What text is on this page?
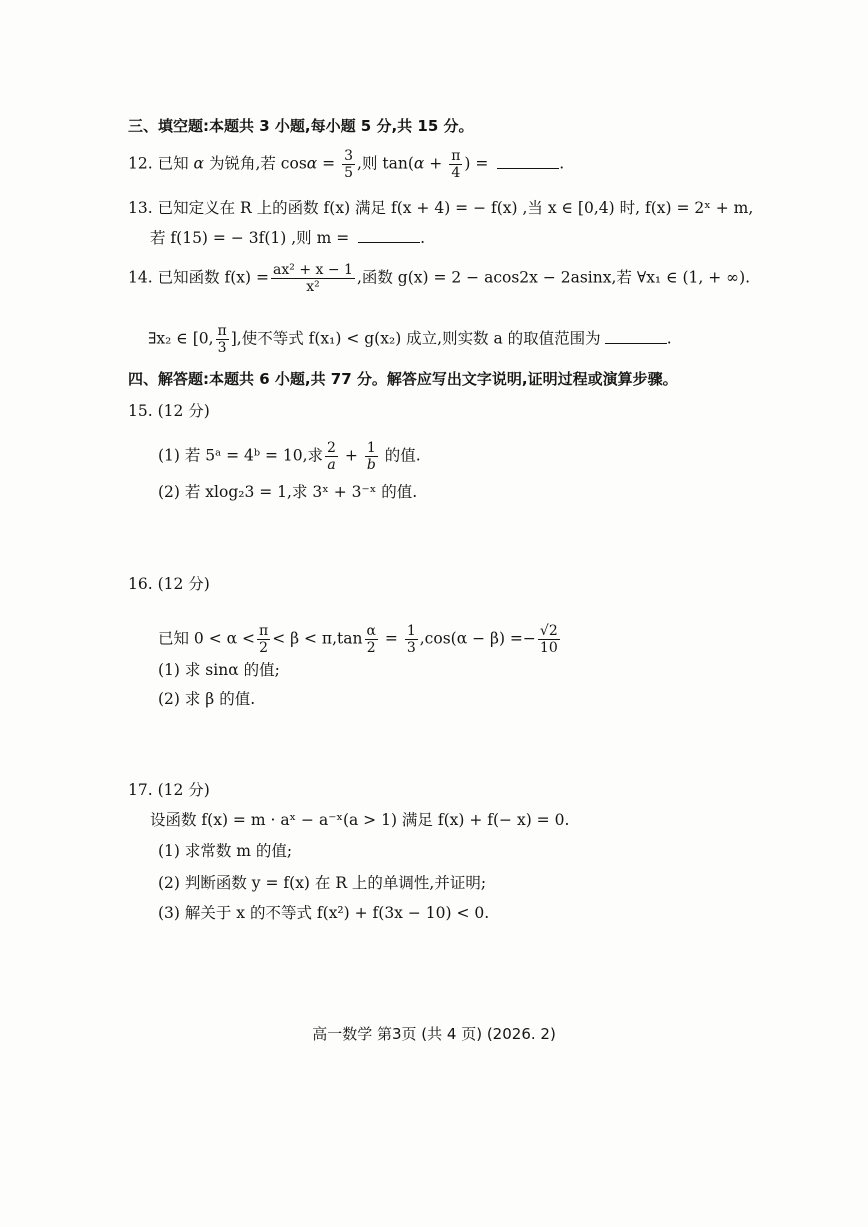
三、填空题:本题共 3 小题,每小题 5 分,共 15 分。
12. 已知 α 为锐角,若 $\cos\alpha = \frac{3}{5}$ ,则 $\tan(\alpha + \frac{\pi}{4}$ ) =	.
13. 已知定义在 R 上的函数 f(x) 满足 f(x + 4) = − f(x) ,当 x ∈ [0,4) 时, f(x) = 2ˣ + m,
若 f(15) = − 3f(1) ,则 m =	.
14. 已知函数 $f(x) = \frac{\text{ax² + x − 1}}{\text{x²}}$ ,函数 g(x) = 2 − acos2x − 2asinx,若 ∀x₁ ∈ (1, + ∞).
∃x₂ ∈ [0, $\frac{\pi}{3}$ ],使不等式 f(x₁) < g(x₂) 成立,则实数 a 的取值范围为	.
四、解答题:本题共 6 小题,共 77 分。解答应写出文字说明,证明过程或演算步骤。
15. (12 分)
(1) 若 5ᵃ = 4ᵇ = 10,求 $\frac{2}{a} + \frac{1}{b}$ 的值.
(2) 若 xlog₂3 = 1,求 3ˣ + 3⁻ˣ 的值.
16. (12 分)
已知 $0 < \alpha < \frac{\pi}{2} < \beta < \pi,\tan \frac{\alpha}{2} = \frac{1}{3} ,\cos(\alpha - \beta) =- \frac{√2}{10}$
(1) 求 sinα 的值;
(2) 求 β 的值.
17. (12 分)
设函数 f(x) = m · aˣ − a⁻ˣ(a > 1) 满足 f(x) + f(− x) = 0.
(1) 求常数 m 的值;
(2) 判断函数 y = f(x) 在 R 上的单调性,并证明;
(3) 解关于 x 的不等式 f(x²) + f(3x − 10) < 0.
高一数学 第3页 (共 4 页) (2026. 2)
